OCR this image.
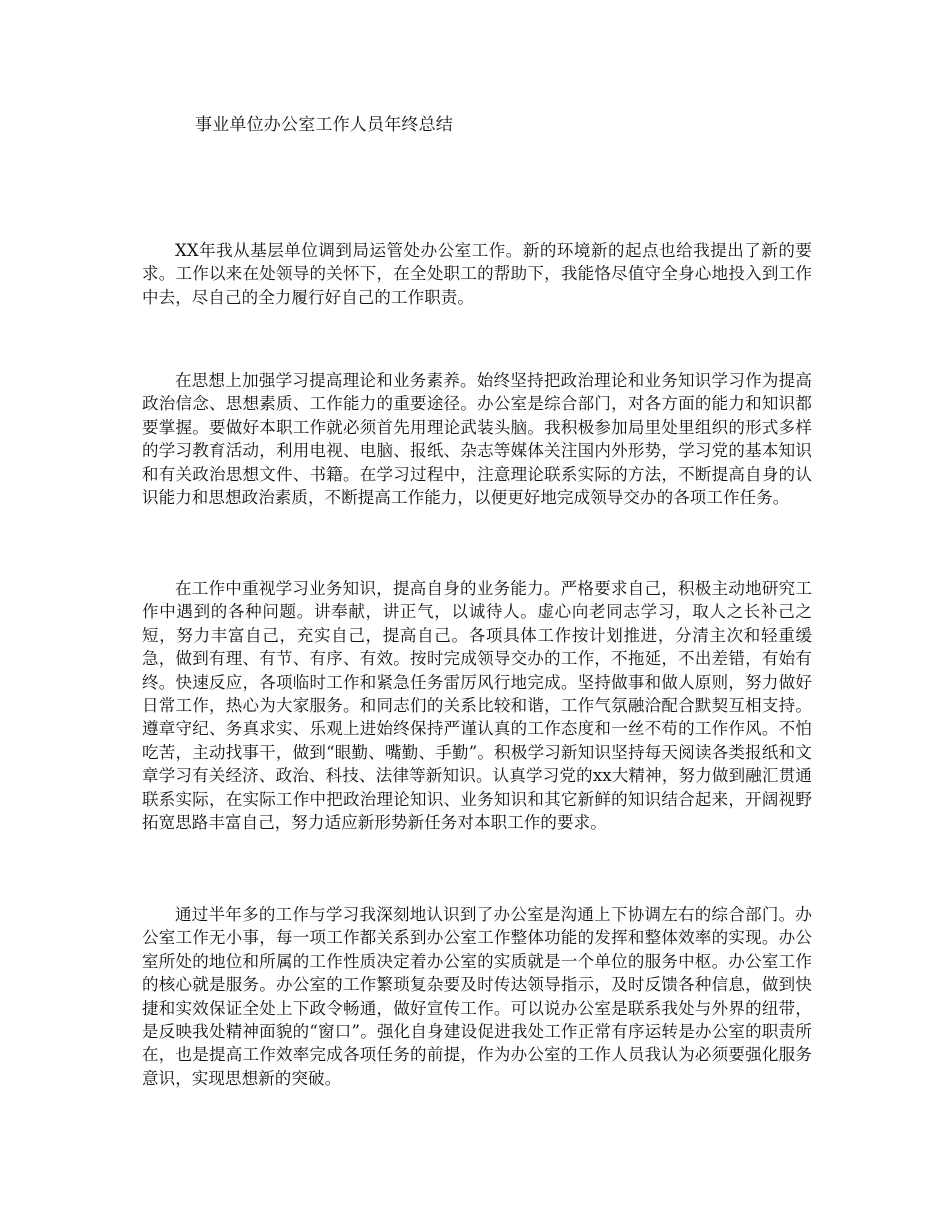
事业单位办公室工作人员年终总结

XX年我从基层单位调到局运管处办公室工作。新的环境新的起点也给我提出了新的要求。工作以来在处领导的关怀下，在全处职工的帮助下，我能恪尽值守全身心地投入到工作中去，尽自己的全力履行好自己的工作职责。

在思想上加强学习提高理论和业务素养。始终坚持把政治理论和业务知识学习作为提高政治信念、思想素质、工作能力的重要途径。办公室是综合部门，对各方面的能力和知识都要掌握。要做好本职工作就必须首先用理论武装头脑。我积极参加局里处里组织的形式多样的学习教育活动，利用电视、电脑、报纸、杂志等媒体关注国内外形势，学习党的基本知识和有关政治思想文件、书籍。在学习过程中，注意理论联系实际的方法，不断提高自身的认识能力和思想政治素质，不断提高工作能力，以便更好地完成领导交办的各项工作任务。

在工作中重视学习业务知识，提高自身的业务能力。严格要求自己，积极主动地研究工作中遇到的各种问题。讲奉献，讲正气，以诚待人。虚心向老同志学习，取人之长补己之短，努力丰富自己，充实自己，提高自己。各项具体工作按计划推进，分清主次和轻重缓急，做到有理、有节、有序、有效。按时完成领导交办的工作，不拖延，不出差错，有始有终。快速反应，各项临时工作和紧急任务雷厉风行地完成。坚持做事和做人原则，努力做好日常工作，热心为大家服务。和同志们的关系比较和谐，工作气氛融洽配合默契互相支持。遵章守纪、务真求实、乐观上进始终保持严谨认真的工作态度和一丝不苟的工作作风。不怕吃苦，主动找事干，做到“眼勤、嘴勤、手勤”。积极学习新知识坚持每天阅读各类报纸和文章学习有关经济、政治、科技、法律等新知识。认真学习党的xx大精神，努力做到融汇贯通联系实际，在实际工作中把政治理论知识、业务知识和其它新鲜的知识结合起来，开阔视野拓宽思路丰富自己，努力适应新形势新任务对本职工作的要求。

通过半年多的工作与学习我深刻地认识到了办公室是沟通上下协调左右的综合部门。办公室工作无小事，每一项工作都关系到办公室工作整体功能的发挥和整体效率的实现。办公室所处的地位和所属的工作性质决定着办公室的实质就是一个单位的服务中枢。办公室工作的核心就是服务。办公室的工作繁琐复杂要及时传达领导指示，及时反馈各种信息，做到快捷和实效保证全处上下政令畅通，做好宣传工作。可以说办公室是联系我处与外界的纽带，是反映我处精神面貌的“窗口”。强化自身建设促进我处工作正常有序运转是办公室的职责所在，也是提高工作效率完成各项任务的前提，作为办公室的工作人员我认为必须要强化服务意识，实现思想新的突破。
